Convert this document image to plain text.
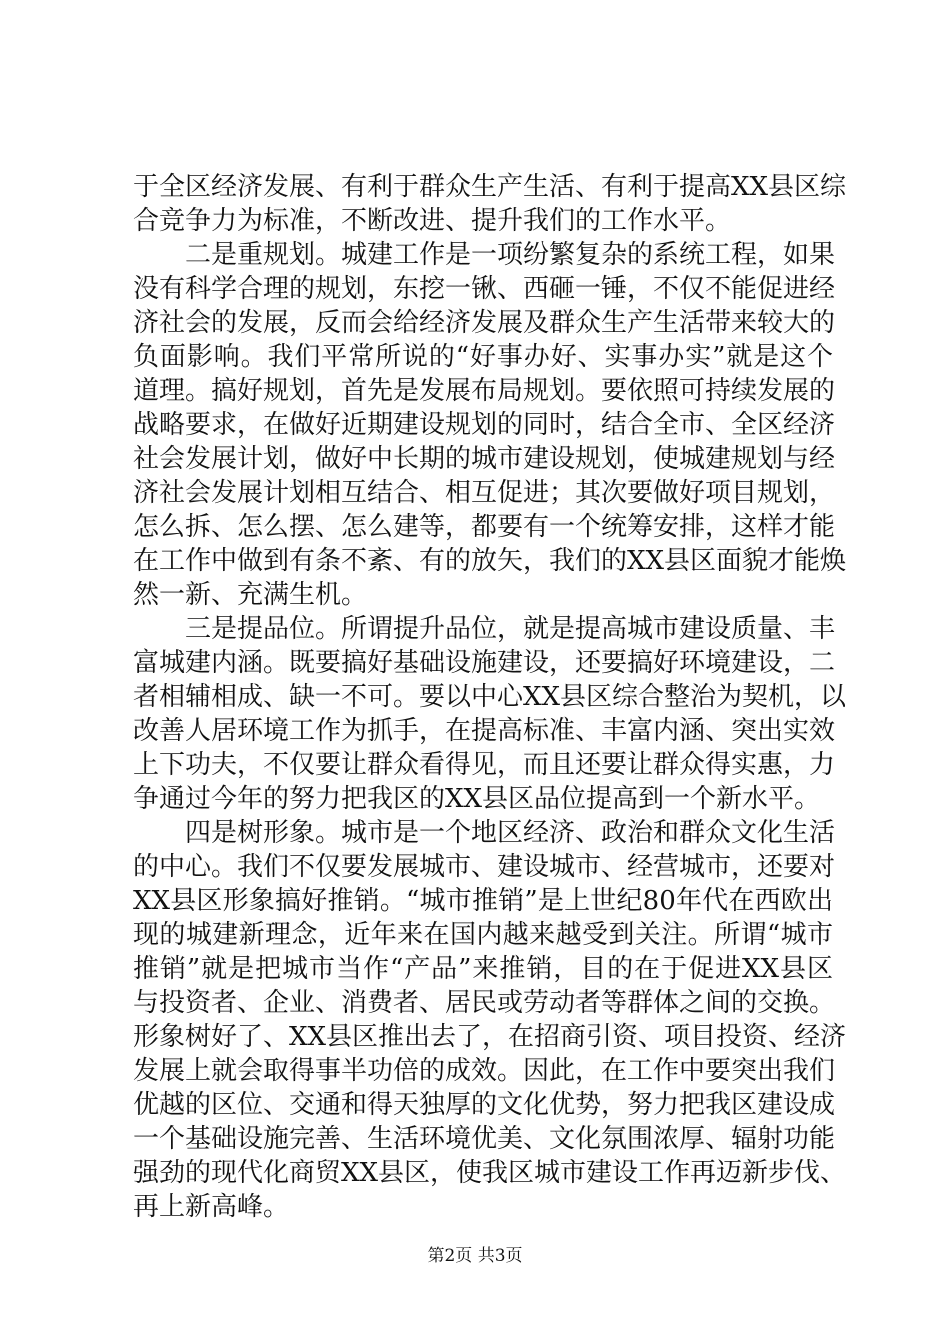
于全区经济发展、有利于群众生产生活、有利于提高XX县区综
合竞争力为标准，不断改进、提升我们的工作水平。
二是重规划。城建工作是一项纷繁复杂的系统工程，如果
没有科学合理的规划，东挖一锹、西砸一锤，不仅不能促进经
济社会的发展，反而会给经济发展及群众生产生活带来较大的
负面影响。我们平常所说的“好事办好、实事办实”就是这个
道理。搞好规划，首先是发展布局规划。要依照可持续发展的
战略要求，在做好近期建设规划的同时，结合全市、全区经济
社会发展计划，做好中长期的城市建设规划，使城建规划与经
济社会发展计划相互结合、相互促进；其次要做好项目规划，
怎么拆、怎么摆、怎么建等，都要有一个统筹安排，这样才能
在工作中做到有条不紊、有的放矢，我们的XX县区面貌才能焕
然一新、充满生机。
三是提品位。所谓提升品位，就是提高城市建设质量、丰
富城建内涵。既要搞好基础设施建设，还要搞好环境建设，二
者相辅相成、缺一不可。要以中心XX县区综合整治为契机，以
改善人居环境工作为抓手，在提高标准、丰富内涵、突出实效
上下功夫，不仅要让群众看得见，而且还要让群众得实惠，力
争通过今年的努力把我区的XX县区品位提高到一个新水平。
四是树形象。城市是一个地区经济、政治和群众文化生活
的中心。我们不仅要发展城市、建设城市、经营城市，还要对
XX县区形象搞好推销。“城市推销”是上世纪80年代在西欧出
现的城建新理念，近年来在国内越来越受到关注。所谓“城市
推销”就是把城市当作“产品”来推销，目的在于促进XX县区
与投资者、企业、消费者、居民或劳动者等群体之间的交换。
形象树好了、XX县区推出去了，在招商引资、项目投资、经济
发展上就会取得事半功倍的成效。因此，在工作中要突出我们
优越的区位、交通和得天独厚的文化优势，努力把我区建设成
一个基础设施完善、生活环境优美、文化氛围浓厚、辐射功能
强劲的现代化商贸XX县区，使我区城市建设工作再迈新步伐、
再上新高峰。
第2页 共3页
